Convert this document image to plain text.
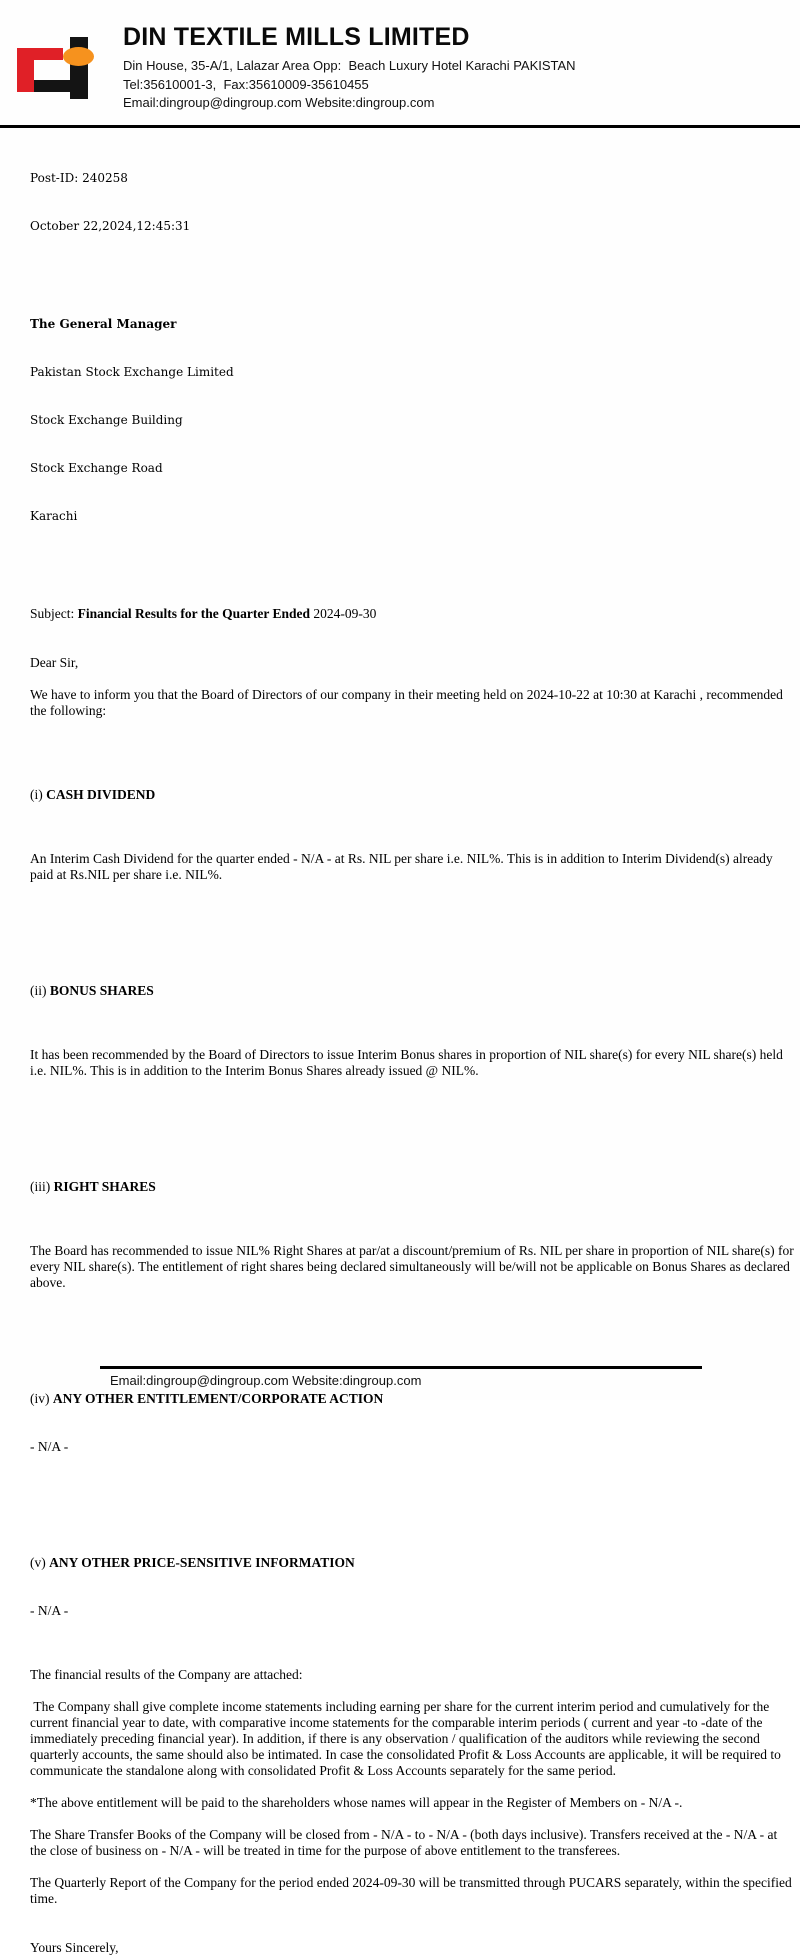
DIN TEXTILE MILLS LIMITED
Din House, 35-A/1, Lalazar Area Opp:  Beach Luxury Hotel Karachi PAKISTAN
Tel:35610001-3,  Fax:35610009-35610455
Email:dingroup@dingroup.com Website:dingroup.com

Post-ID: 240258

October 22,2024,12:45:31

The General Manager

Pakistan Stock Exchange Limited

Stock Exchange Building

Stock Exchange Road

Karachi

Subject: Financial Results for the Quarter Ended 2024-09-30

Dear Sir,

We have to inform you that the Board of Directors of our company in their meeting held on 2024-10-22 at 10:30 at Karachi , recommended the following:

(i) CASH DIVIDEND

An Interim Cash Dividend for the quarter ended - N/A - at Rs. NIL per share i.e. NIL%. This is in addition to Interim Dividend(s) already paid at Rs.NIL per share i.e. NIL%.

(ii) BONUS SHARES

It has been recommended by the Board of Directors to issue Interim Bonus shares in proportion of NIL share(s) for every NIL share(s) held i.e. NIL%. This is in addition to the Interim Bonus Shares already issued @ NIL%.

(iii) RIGHT SHARES

The Board has recommended to issue NIL% Right Shares at par/at a discount/premium of Rs. NIL per share in proportion of NIL share(s) for every NIL share(s). The entitlement of right shares being declared simultaneously will be/will not be applicable on Bonus Shares as declared above.

(iv) ANY OTHER ENTITLEMENT/CORPORATE ACTION

- N/A -

(v) ANY OTHER PRICE-SENSITIVE INFORMATION

- N/A -

The financial results of the Company are attached:

The Company shall give complete income statements including earning per share for the current interim period and cumulatively for the current financial year to date, with comparative income statements for the comparable interim periods ( current and year -to -date of the immediately preceding financial year). In addition, if there is any observation / qualification of the auditors while reviewing the second quarterly accounts, the same should also be intimated. In case the consolidated Profit & Loss Accounts are applicable, it will be required to communicate the standalone along with consolidated Profit & Loss Accounts separately for the same period.

*The above entitlement will be paid to the shareholders whose names will appear in the Register of Members on - N/A -.

The Share Transfer Books of the Company will be closed from - N/A - to - N/A - (both days inclusive). Transfers received at the - N/A - at the close of business on - N/A - will be treated in time for the purpose of above entitlement to the transferees.

The Quarterly Report of the Company for the period ended 2024-09-30 will be transmitted through PUCARS separately, within the specified time.

Yours Sincerely,

Email:dingroup@dingroup.com Website:dingroup.com
